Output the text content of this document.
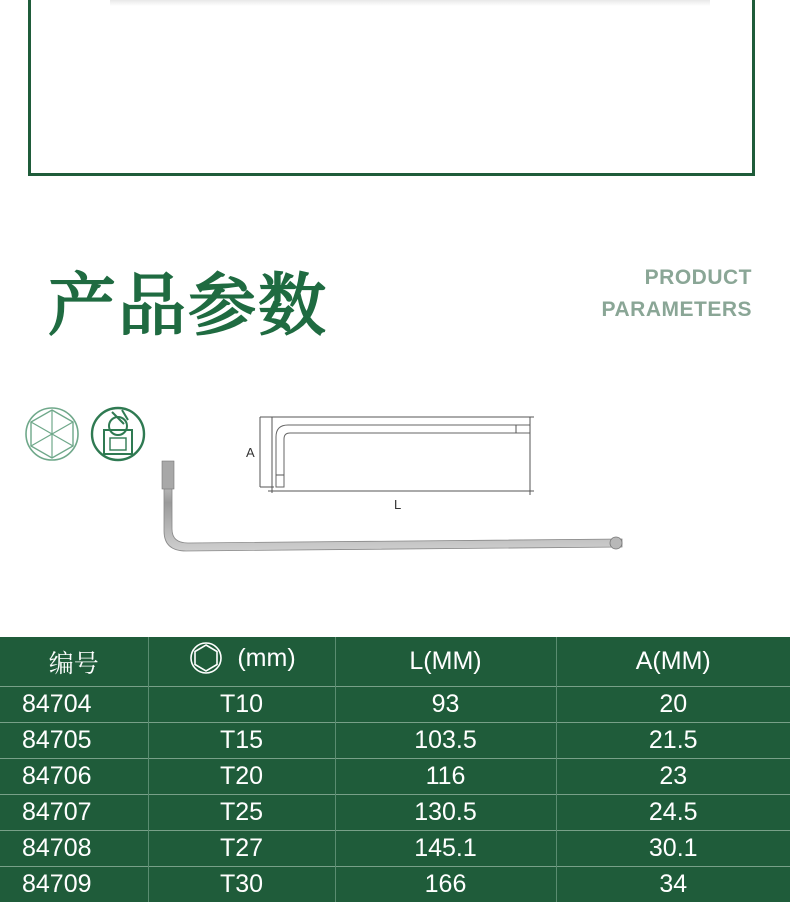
产品参数	PRODUCT
PARAMETERS
A
L
编号	(mm)	L(MM)	A(MM)
84704	T10	93	20
84705	T15	103.5	21.5
84706	T20	116	23
84707	T25	130.5	24.5
84708	T27	145.1	30.1
84709	T30	166	34
